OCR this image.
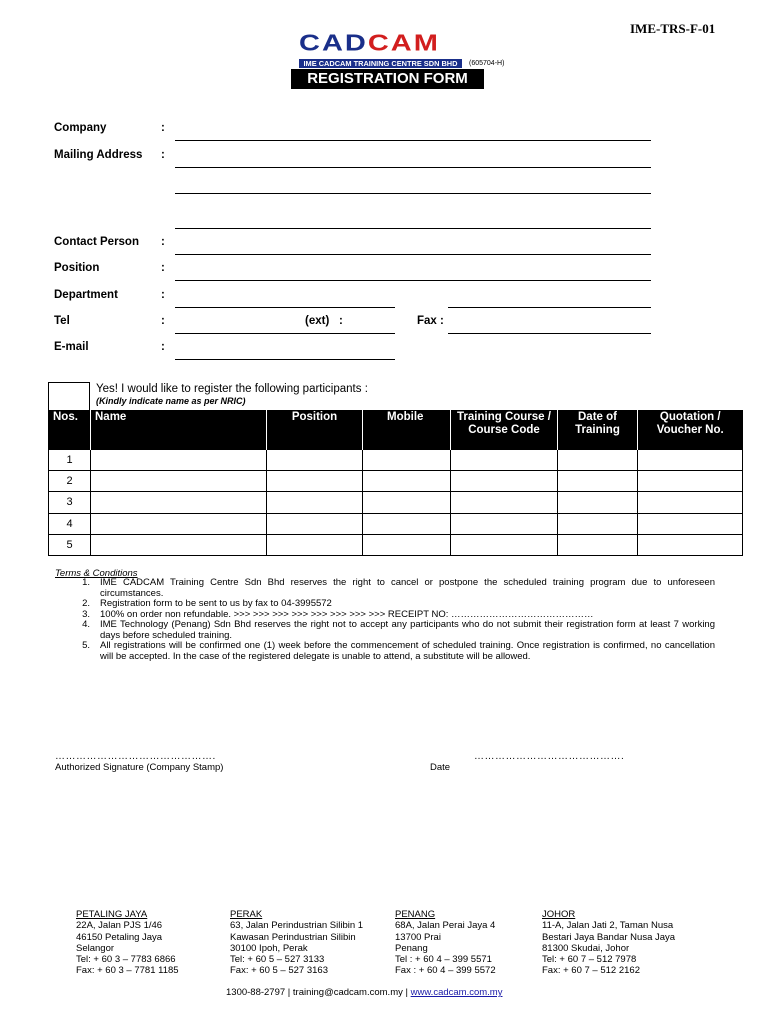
IME-TRS-F-01
CADCAM
IME CADCAM TRAINING CENTRE SDN BHD	(605704-H)
REGISTRATION FORM
Company	:
Mailing Address :
Contact Person :
Position	:
Department	:
Tel	:	(ext) :	Fax :
E-mail	:
Yes! I would like to register the following participants :
(Kindly indicate name as per NRIC)
Nos.	Name	Position	Mobile	Training Course / Course Code	Date of Training	Quotation / Voucher No.
1						
2						
3						
4						
5						
Terms & Conditions
1.	IME CADCAM Training Centre Sdn Bhd reserves the right to cancel or postpone the scheduled training program due to unforeseen circumstances.
2.	Registration form to be sent to us by fax to 04-3995572
3.	100% on order non refundable. >>> >>> >>> >>> >>> >>> >>> >>> RECEIPT NO: ………………………………………
4.	IME Technology (Penang) Sdn Bhd reserves the right not to accept any participants who do not submit their registration form at least 7 working days before scheduled training.
5.	All registrations will be confirmed one (1) week before the commencement of scheduled training. Once registration is confirmed, no cancellation will be accepted. In the case of the registered delegate is unable to attend, a substitute will be allowed.
……………………………………….
Authorized Signature (Company Stamp)
…………………………………….
Date
PETALING JAYA
22A, Jalan PJS 1/46
46150 Petaling Jaya
Selangor
Tel: + 60 3 – 7783 6866
Fax: + 60 3 – 7781 1185
PERAK
63, Jalan Perindustrian Silibin 1
Kawasan Perindustrian Silibin
30100 Ipoh, Perak
Tel: + 60 5 – 527 3133
Fax: + 60 5 – 527 3163
PENANG
68A, Jalan Perai Jaya 4
13700 Prai
Penang
Tel : + 60 4 – 399 5571
Fax : + 60 4 – 399 5572
JOHOR
11-A, Jalan Jati 2, Taman Nusa
Bestari Jaya Bandar Nusa Jaya
81300 Skudai, Johor
Tel: + 60 7 – 512 7978
Fax: + 60 7 – 512 2162
1300-88-2797 | training@cadcam.com.my | www.cadcam.com.my
